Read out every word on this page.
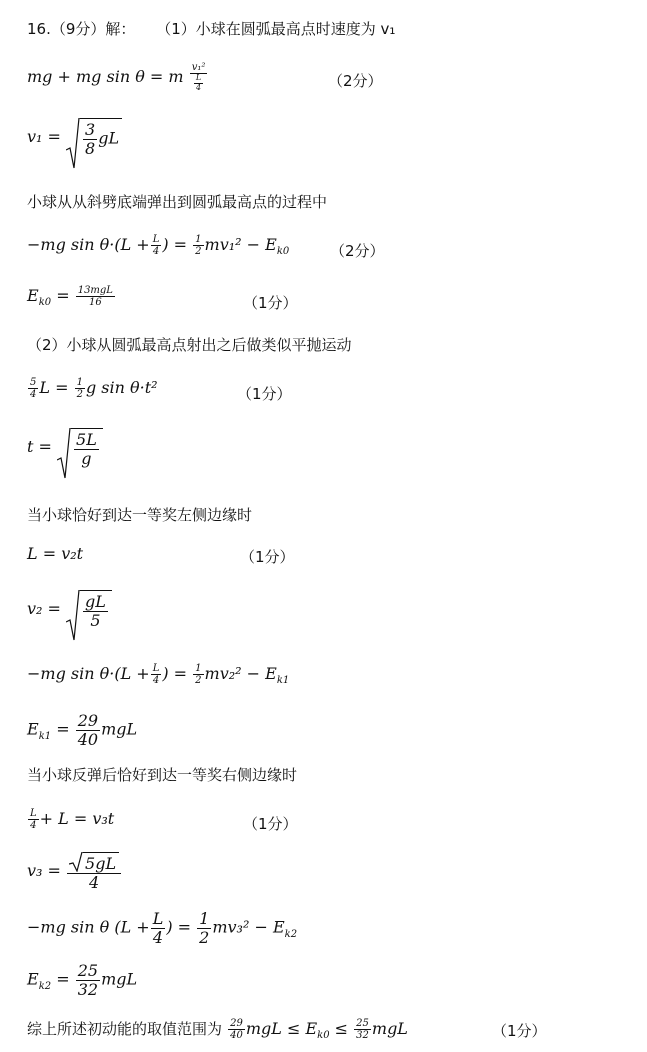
16.（9分）解： （1）小球在圆弧最高点时速度为 v₁
mg + mg sin θ = m $\frac{\text{v₁²}}{\frac{L}{4}}$	（2分）
$v_1 = \frac{3}{8}$ gL
小球从从斜劈底端弹出到圆弧最高点的过程中
−mg $\sin \theta\cdot(L + \frac{L}{4}$ ) = $\frac{1}{2} mv_1^2 - E_{k0}$	（2分）
$E_{k0} = \frac{\text{13mgL}}{16}$	（1分）
（2）小球从圆弧最高点射出之后做类似平抛运动
$\frac{5}{4}$ $L = \frac{1}{2}$ g sin θ·t²	（1分）
$t = \frac{5L}{g}$
当小球恰好到达一等奖左侧边缘时
L = v₂t	（1分）
$v_2 = \frac{gL}{5}$
−mg $\sin \theta\cdot(L + \frac{L}{4}$ ) = $\frac{1}{2} mv_2^2 - E_{k1}$
$E_{k1} = \frac{29}{40}$ mgL
当小球反弹后恰好到达一等奖右侧边缘时
$\frac{L}{4} + L = v_3t$	（1分）
$v_3 = \frac{5gL}{4}$
−mg sin θ ($L + \frac{L}{4}$ ) = $\frac{1}{2} mv_3^2 - E_{k2}$
$E_{k2} = \frac{25}{32}$ mgL
综上所述初动能的取值范围为 $\frac{29}{40}$ mgL ≤ $E_{k0} \le \frac{25}{32}$ mgL	（1分）
